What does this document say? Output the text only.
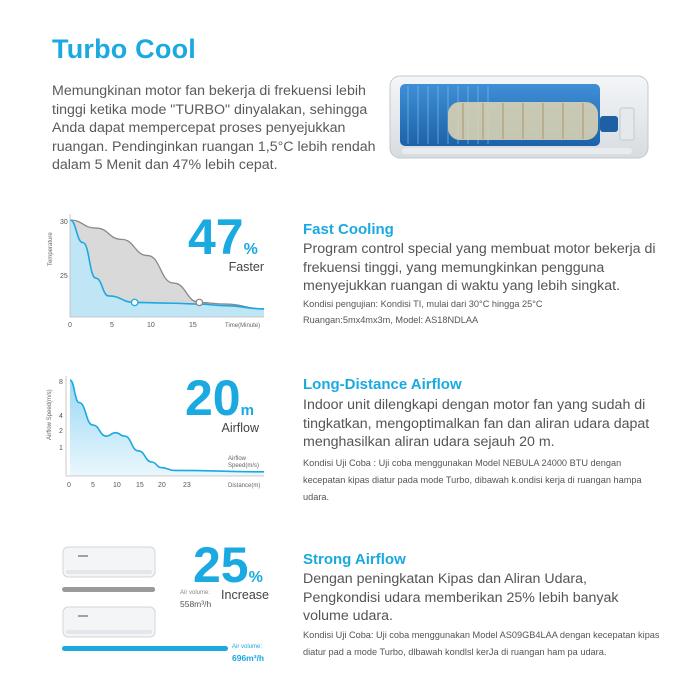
Turbo Cool
Memungkinan motor fan bekerja di frekuensi lebih tinggi ketika mode "TURBO" dinyalakan, sehingga Anda dapat mempercepat proses penyejukkan ruangan. Pendinginkan ruangan 1,5°C lebih rendah dalam 5 Menit dan 47% lebih cepat.
Temperature
30
25
0	5	10	15	Time(Minute)
47%
Faster
Fast Cooling
Program control special yang membuat motor bekerja di frekuensi tinggi, yang memungkinkan pengguna menyejukkan ruangan di waktu yang lebih singkat.
Kondisi pengujian: Kondisi TI, mulai dari 30°C hingga 25°C
Ruangan:5mx4mx3m, Model: AS18NDLAA
Airflow Speed(m/s)
8
4
2
1
0	5	10 15 20 23	Distance(m)
Airflow Speed(m/s)
20m
Airflow
Long-Distance Airflow
Indoor unit dilengkapi dengan motor fan yang sudah di tingkatkan, mengoptimalkan fan dan aliran udara dapat menghasilkan aliran udara sejauh 20 m.
Kondisi Uji Coba : Uji coba menggunakan Model NEBULA 24000 BTU dengan kecepatan kipas diatur pada mode Turbo, dibawah k.ondisi kerja di ruangan hampa udara.
Air volume:
558m³/h
Air volume:
696m³/h
25%
Increase
Strong Airflow
Dengan peningkatan Kipas dan Aliran Udara, Pengkondisi udara memberikan 25% lebih banyak volume udara.
Kondisi Uji Coba: Uji coba menggunakan Model AS09GB4LAA dengan kecepatan kipas diatur pad a mode Turbo, dlbawah kondlsl kerJa di ruangan ham pa udara.
